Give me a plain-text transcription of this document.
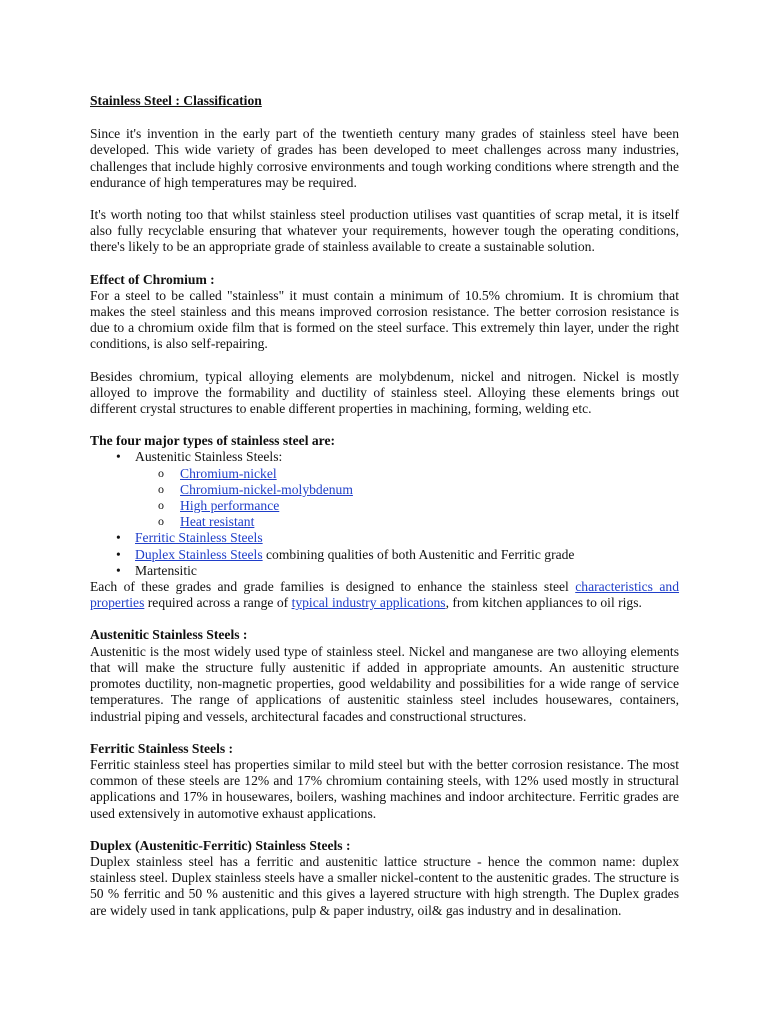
Stainless Steel : Classification

Since it's invention in the early part of the twentieth century many grades of stainless steel have been developed. This wide variety of grades has been developed to meet challenges across many industries, challenges that include highly corrosive environments and tough working conditions where strength and the endurance of high temperatures may be required.

It's worth noting too that whilst stainless steel production utilises vast quantities of scrap metal, it is itself also fully recyclable ensuring that whatever your requirements, however tough the operating conditions, there's likely to be an appropriate grade of stainless available to create a sustainable solution.

Effect of Chromium :

For a steel to be called "stainless" it must contain a minimum of 10.5% chromium. It is chromium that makes the steel stainless and this means improved corrosion resistance. The better corrosion resistance is due to a chromium oxide film that is formed on the steel surface. This extremely thin layer, under the right conditions, is also self-repairing.

Besides chromium, typical alloying elements are molybdenum, nickel and nitrogen. Nickel is mostly alloyed to improve the formability and ductility of stainless steel. Alloying these elements brings out different crystal structures to enable different properties in machining, forming, welding etc.

The four major types of stainless steel are:

• Austenitic Stainless Steels:
o Chromium-nickel
o Chromium-nickel-molybdenum
o High performance
o Heat resistant
• Ferritic Stainless Steels
• Duplex Stainless Steels combining qualities of both Austenitic and Ferritic grade
• Martensitic

Each of these grades and grade families is designed to enhance the stainless steel characteristics and properties required across a range of typical industry applications, from kitchen appliances to oil rigs.

Austenitic Stainless Steels :

Austenitic is the most widely used type of stainless steel. Nickel and manganese are two alloying elements that will make the structure fully austenitic if added in appropriate amounts. An austenitic structure promotes ductility, non-magnetic properties, good weldability and possibilities for a wide range of service temperatures. The range of applications of austenitic stainless steel includes housewares, containers, industrial piping and vessels, architectural facades and constructional structures.

Ferritic Stainless Steels :

Ferritic stainless steel has properties similar to mild steel but with the better corrosion resistance. The most common of these steels are 12% and 17% chromium containing steels, with 12% used mostly in structural applications and 17% in housewares, boilers, washing machines and indoor architecture. Ferritic grades are used extensively in automotive exhaust applications.

Duplex (Austenitic-Ferritic) Stainless Steels :

Duplex stainless steel has a ferritic and austenitic lattice structure - hence the common name: duplex stainless steel. Duplex stainless steels have a smaller nickel-content to the austenitic grades. The structure is 50 % ferritic and 50 % austenitic and this gives a layered structure with high strength. The Duplex grades are widely used in tank applications, pulp & paper industry, oil& gas industry and in desalination.
